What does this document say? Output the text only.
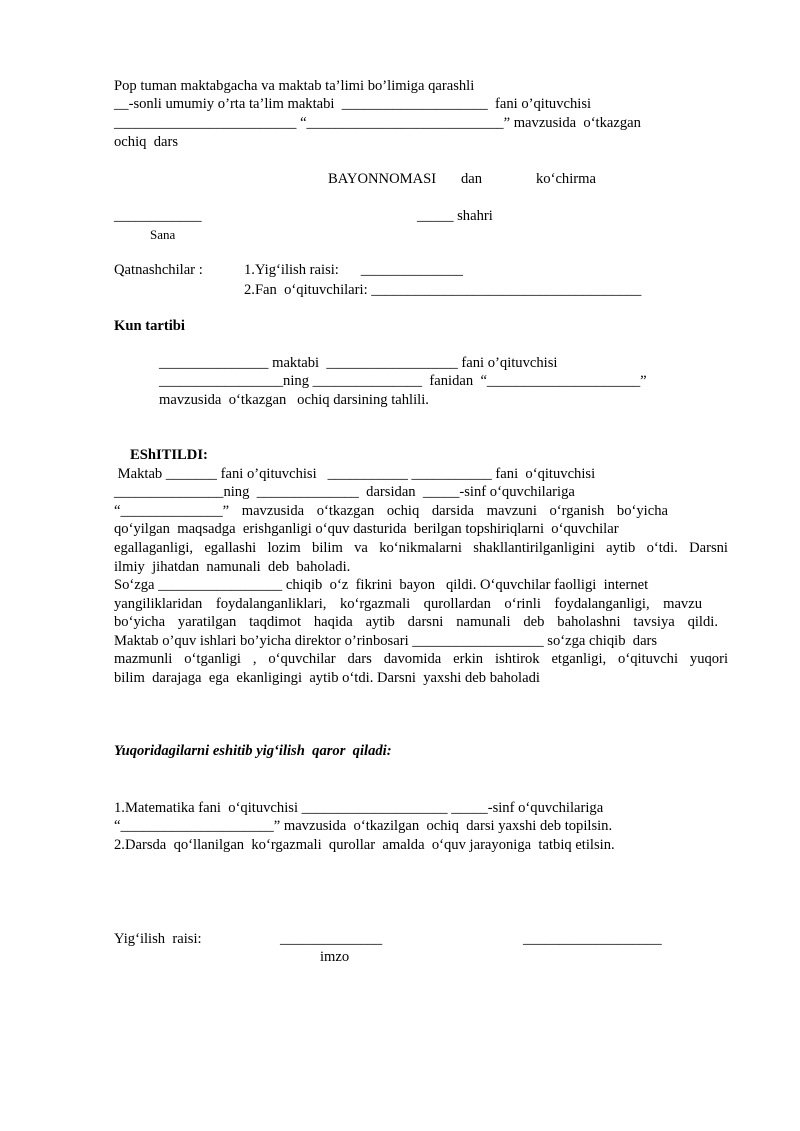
Pop tuman maktabgacha va maktab ta’limi bo’limiga qarashli
__-sonli umumiy o’rta ta’lim maktabi  ____________________  fani o’qituvchisi
_________________________ “___________________________” mavzusida  o‘tkazgan
ochiq  dars
BAYONNOMASI dan	ko‘chirma
____________	_____ shahri
Sana
Qatnashchilar :	1.Yig‘ilish raisi:      ______________
2.Fan  o‘qituvchilari: _____________________________________
Kun tartibi
_______________ maktabi  __________________ fani o’qituvchisi
_________________ning _______________  fanidan  “_____________________”
mavzusida  o‘tkazgan   ochiq darsining tahlili.
EShITILDI:
Maktab _______ fani o’qituvchisi   ___________ ___________ fani  o‘qituvchisi
_______________ning  ______________  darsidan  _____-sinf o‘quvchilariga
“______________” mavzusida o‘tkazgan ochiq darsida mavzuni o‘rganish bo‘yicha
qo‘yilgan  maqsadga  erishganligi o‘quv dasturida  berilgan topshiriqlarni  o‘quvchilar
egallaganligi, egallashi lozim bilim va ko‘nikmalarni shakllantirilganligini aytib o‘tdi. Darsni
ilmiy  jihatdan  namunali  deb  baholadi.
So‘zga _________________ chiqib  o‘z  fikrini  bayon   qildi. O‘quvchilar faolligi  internet
yangiliklaridan foydalanganliklari, ko‘rgazmali qurollardan o‘rinli foydalanganligi, mavzu
bo‘yicha yaratilgan taqdimot haqida aytib darsni namunali deb baholashni tavsiya qildi.
Maktab o’quv ishlari bo’yicha direktor o’rinbosari __________________ so‘zga chiqib  dars
mazmunli o‘tganligi , o‘quvchilar dars davomida erkin ishtirok etganligi, o‘qituvchi yuqori
bilim  darajaga  ega  ekanligingi  aytib o‘tdi. Darsni  yaxshi deb baholadi
Yuqoridagilarni eshitib yig‘ilish  qaror  qiladi:
1.Matematika fani  o‘qituvchisi ____________________ _____-sinf o‘quvchilariga
“_____________________” mavzusida  o‘tkazilgan  ochiq  darsi yaxshi deb topilsin.
2.Darsda  qo‘llanilgan  ko‘rgazmali  qurollar  amalda  o‘quv jarayoniga  tatbiq etilsin.
Yig‘ilish  raisi:	______________	___________________
imzo
